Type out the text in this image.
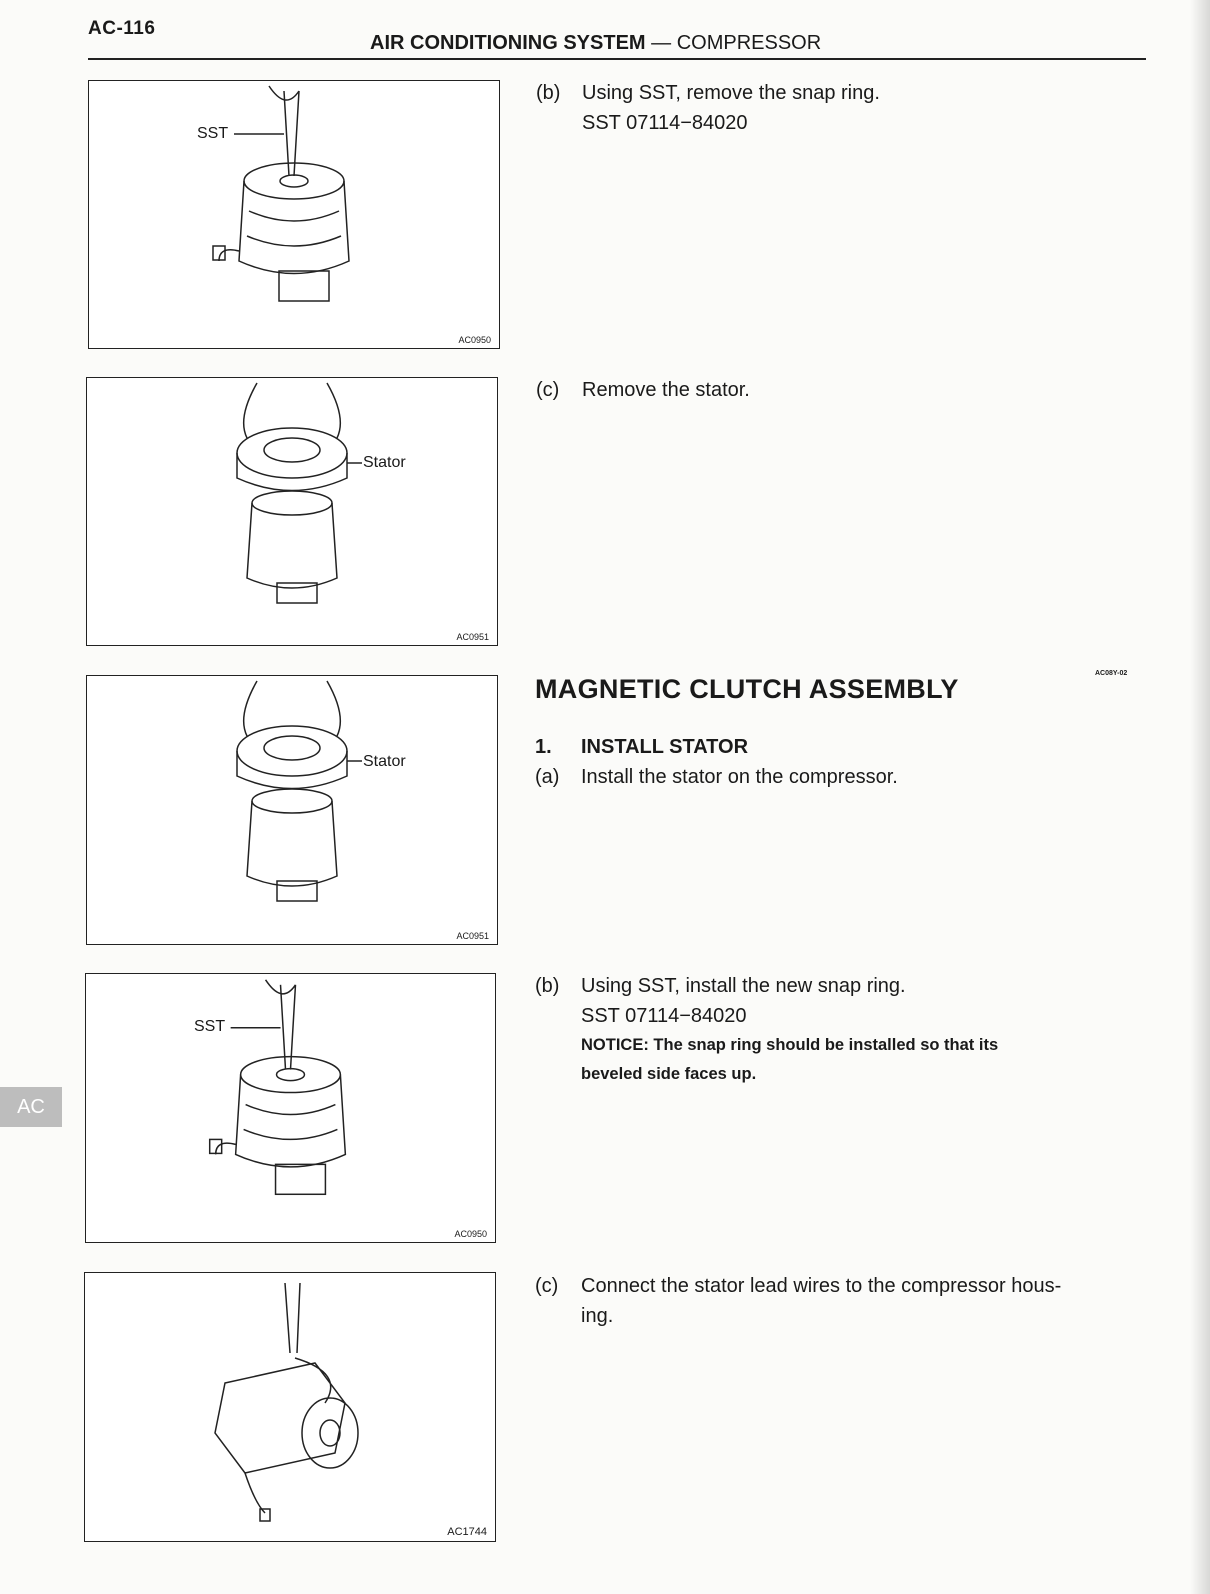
AC-116
AIR CONDITIONING SYSTEM — COMPRESSOR
AC
SST
AC0950
Stator
AC0951
Stator
AC0951
SST
AC0950
AC1744
(b) Using SST, remove the snap ring.
SST 07114−84020
(c) Remove the stator.
MAGNETIC CLUTCH ASSEMBLY
AC08Y-02
1. INSTALL STATOR
(a) Install the stator on the compressor.
(b) Using SST, install the new snap ring.
SST 07114−84020
NOTICE: The snap ring should be installed so that its
beveled side faces up.
(c) Connect the stator lead wires to the compressor hous-
ing.
